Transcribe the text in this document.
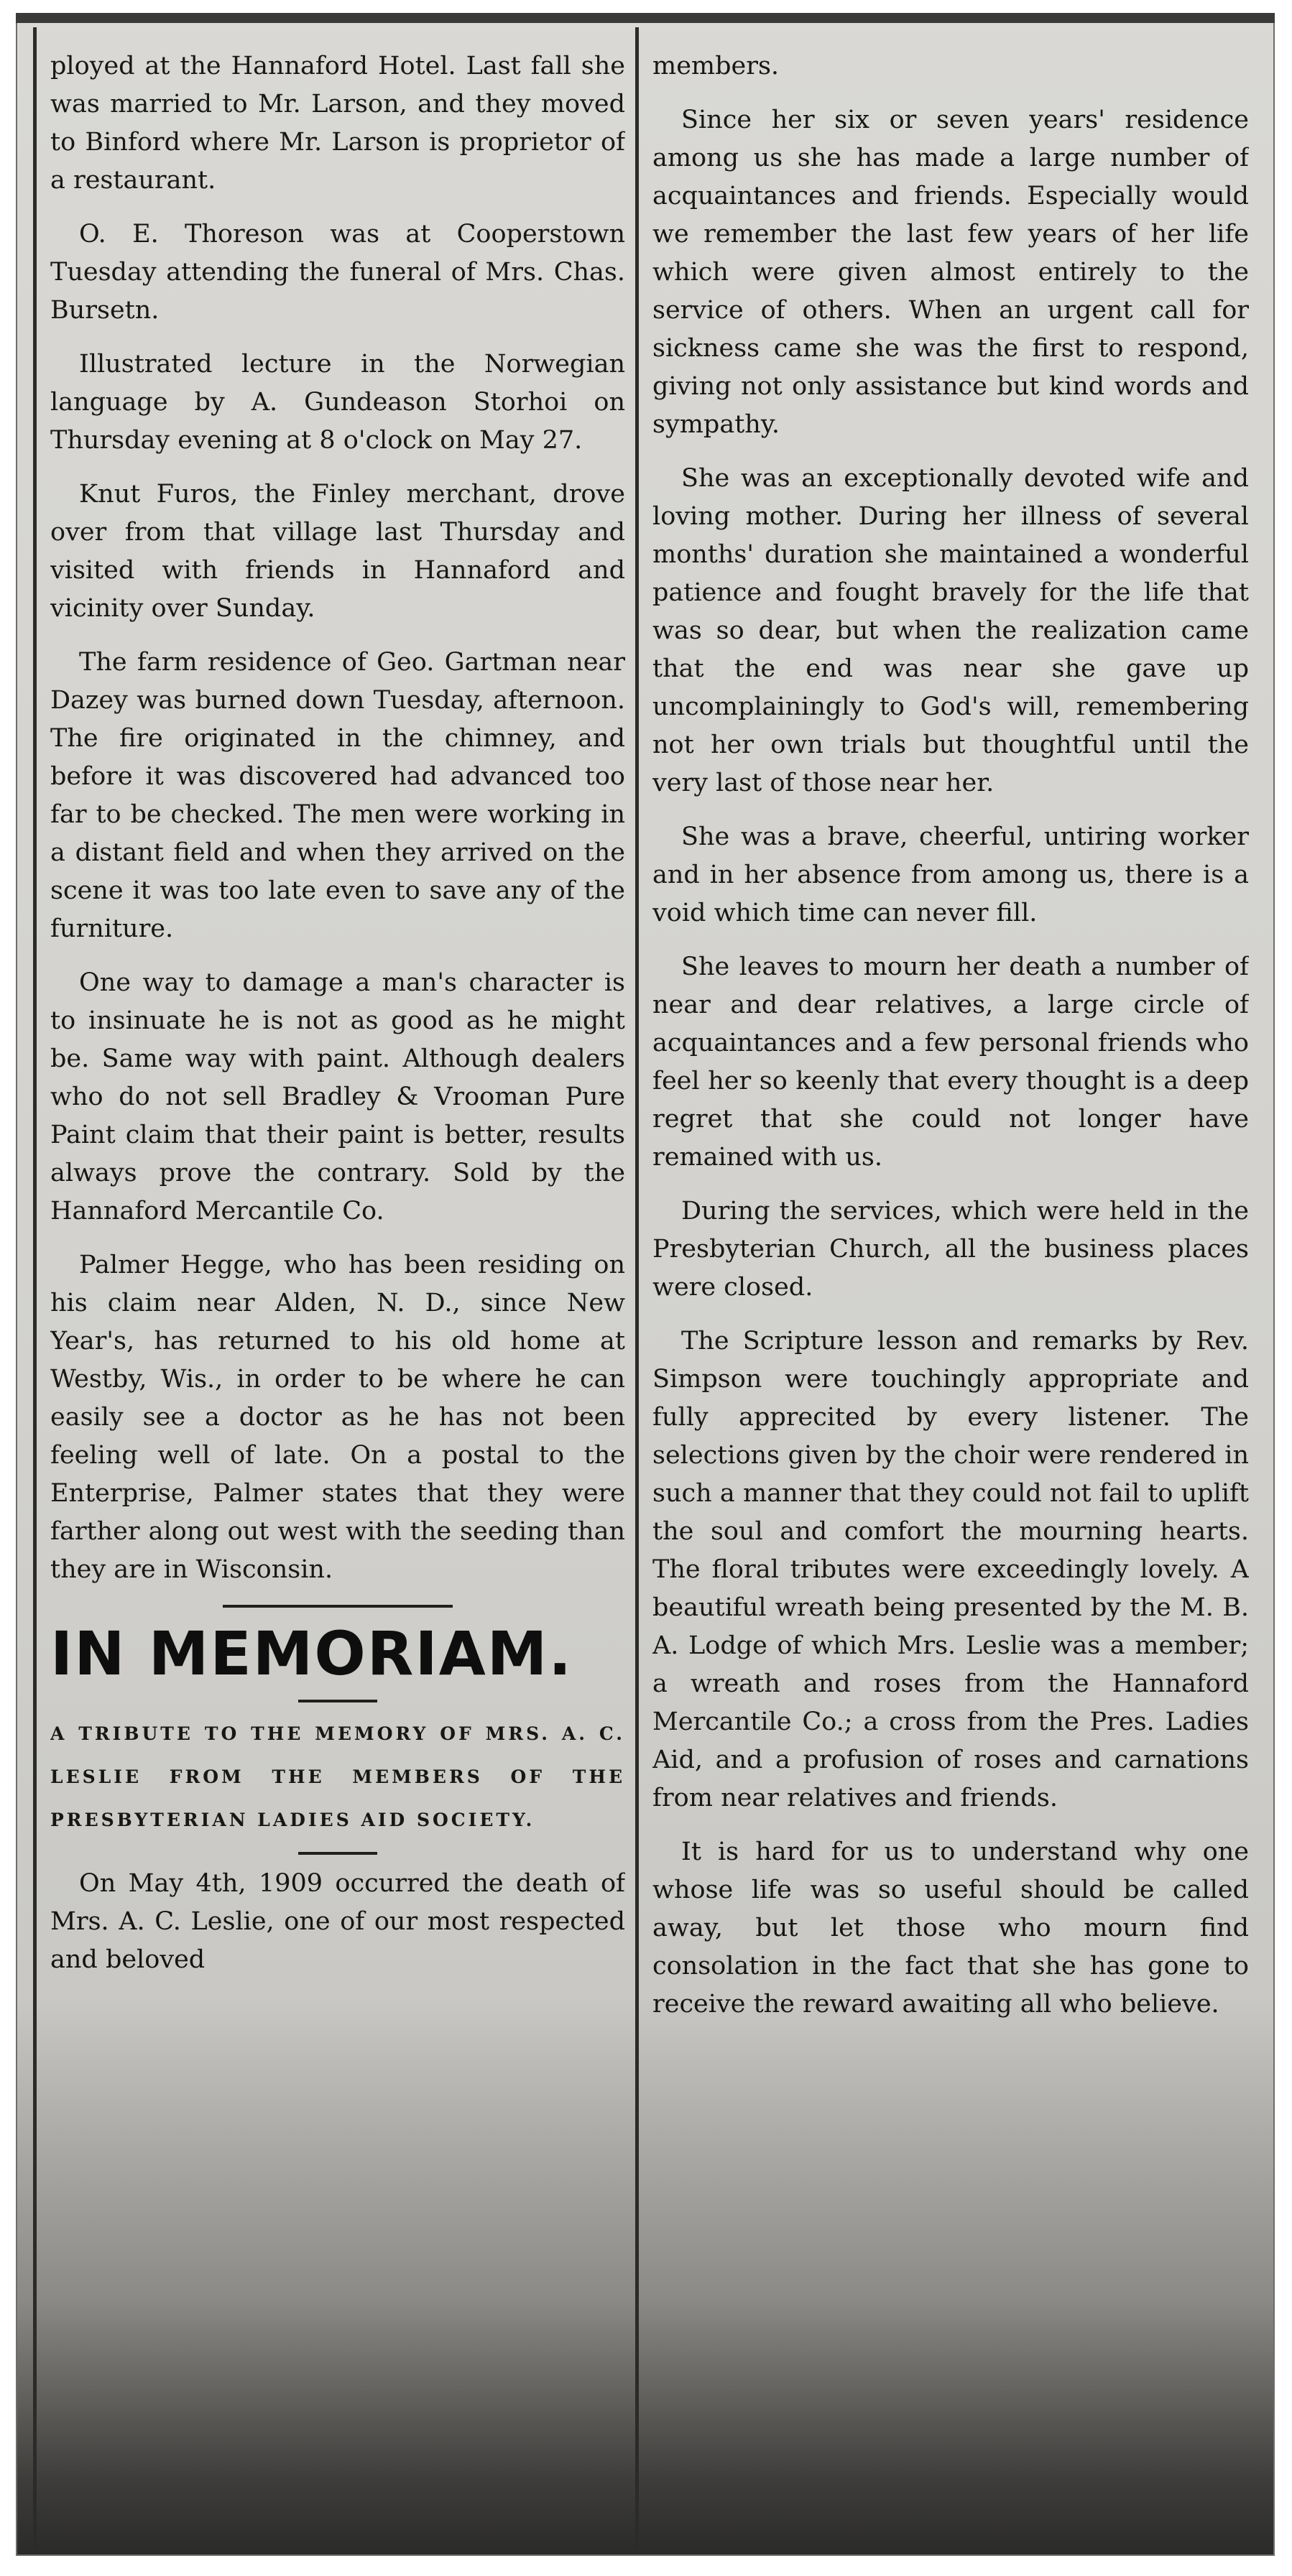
ployed at the Hannaford Hotel. Last fall she was married to Mr. Larson, and they moved to Binford where Mr. Larson is proprietor of a restaurant.

O. E. Thoreson was at Cooperstown Tuesday attending the funeral of Mrs. Chas. Bursetn.

Illustrated lecture in the Norwegian language by A. Gundeason Storhoi on Thursday evening at 8 o'clock on May 27.

Knut Furos, the Finley merchant, drove over from that village last Thursday and visited with friends in Hannaford and vicinity over Sunday.

The farm residence of Geo. Gartman near Dazey was burned down Tuesday, afternoon. The fire originated in the chimney, and before it was discovered had advanced too far to be checked. The men were working in a distant field and when they arrived on the scene it was too late even to save any of the furniture.

One way to damage a man's character is to insinuate he is not as good as he might be. Same way with paint. Although dealers who do not sell Bradley & Vrooman Pure Paint claim that their paint is better, results always prove the contrary. Sold by the Hannaford Mercantile Co.

Palmer Hegge, who has been residing on his claim near Alden, N. D., since New Year's, has returned to his old home at Westby, Wis., in order to be where he can easily see a doctor as he has not been feeling well of late. On a postal to the Enterprise, Palmer states that they were farther along out west with the seeding than they are in Wisconsin.

IN MEMORIAM.
A TRIBUTE TO THE MEMORY OF MRS. A. C. LESLIE FROM THE MEMBERS OF THE PRESBYTERIAN LADIES AID SOCIETY.

On May 4th, 1909 occurred the death of Mrs. A. C. Leslie, one of our most respected and beloved

members.

Since her six or seven years' residence among us she has made a large number of acquaintances and friends. Especially would we remember the last few years of her life which were given almost entirely to the service of others. When an urgent call for sickness came she was the first to respond, giving not only assistance but kind words and sympathy.

She was an exceptionally devoted wife and loving mother. During her illness of several months' duration she maintained a wonderful patience and fought bravely for the life that was so dear, but when the realization came that the end was near she gave up uncomplainingly to God's will, remembering not her own trials but thoughtful until the very last of those near her.

She was a brave, cheerful, untiring worker and in her absence from among us, there is a void which time can never fill.

She leaves to mourn her death a number of near and dear relatives, a large circle of acquaintances and a few personal friends who feel her so keenly that every thought is a deep regret that she could not longer have remained with us.

During the services, which were held in the Presbyterian Church, all the business places were closed.

The Scripture lesson and remarks by Rev. Simpson were touchingly appropriate and fully apprecited by every listener. The selections given by the choir were rendered in such a manner that they could not fail to uplift the soul and comfort the mourning hearts. The floral tributes were exceedingly lovely. A beautiful wreath being presented by the M. B. A. Lodge of which Mrs. Leslie was a member; a wreath and roses from the Hannaford Mercantile Co.; a cross from the Pres. Ladies Aid, and a profusion of roses and carnations from near relatives and friends.

It is hard for us to understand why one whose life was so useful should be called away, but let those who mourn find consolation in the fact that she has gone to receive the reward awaiting all who believe.
